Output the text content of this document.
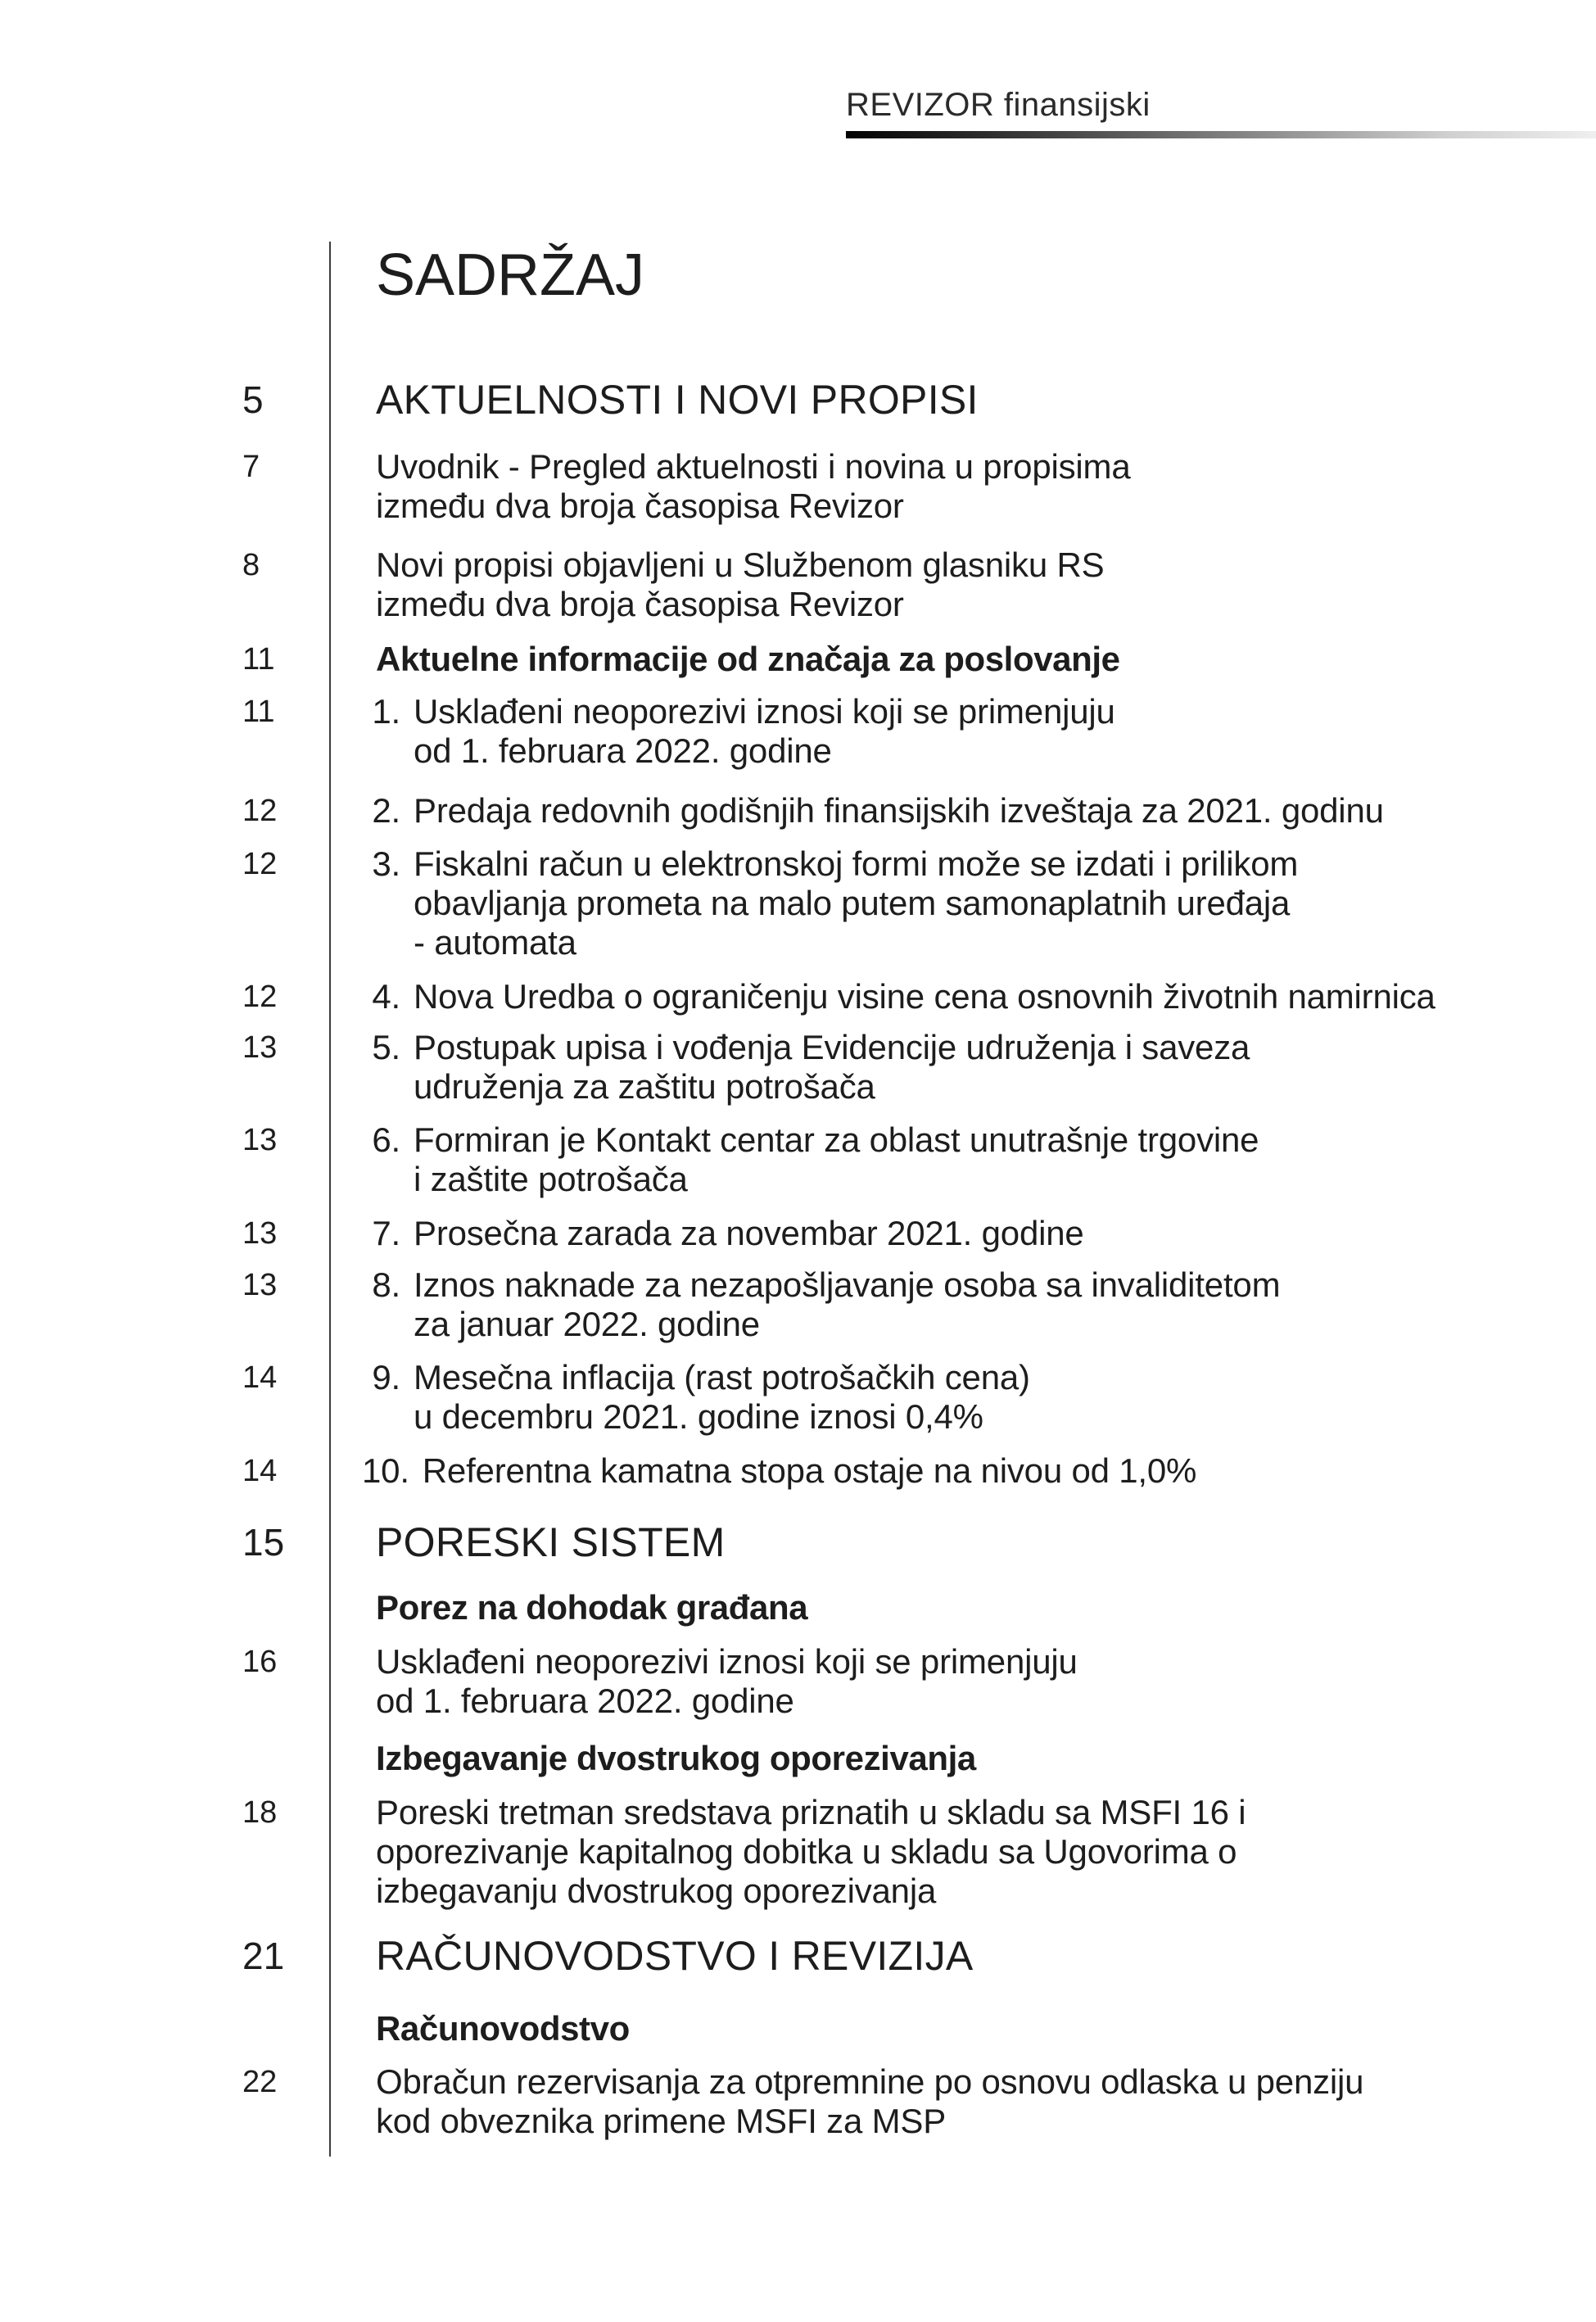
REVIZOR finansijski
SADRŽAJ
5	AKTUELNOSTI I NOVI PROPISI
7	Uvodnik - Pregled aktuelnosti i novina u propisima
između dva broja časopisa Revizor
8	Novi propisi objavljeni u Službenom glasniku RS
između dva broja časopisa Revizor
11	Aktuelne informacije od značaja za poslovanje
11	1. Usklađeni neoporezivi iznosi koji se primenjuju
od 1. februara 2022. godine
12	2. Predaja redovnih godišnjih finansijskih izveštaja za 2021. godinu
12	3. Fiskalni račun u elektronskoj formi može se izdati i prilikom
obavljanja prometa na malo putem samonaplatnih uređaja
- automata
12	4. Nova Uredba o ograničenju visine cena osnovnih životnih namirnica
13	5. Postupak upisa i vođenja Evidencije udruženja i saveza
udruženja za zaštitu potrošača
13	6. Formiran je Kontakt centar za oblast unutrašnje trgovine
i zaštite potrošača
13	7. Prosečna zarada za novembar 2021. godine
13	8. Iznos naknade za nezapošljavanje osoba sa invaliditetom
za januar 2022. godine
14	9. Mesečna inflacija (rast potrošačkih cena)
u decembru 2021. godine iznosi 0,4%
14	10. Referentna kamatna stopa ostaje na nivou od 1,0%
15	PORESKI SISTEM
Porez na dohodak građana
16	Usklađeni neoporezivi iznosi koji se primenjuju
od 1. februara 2022. godine
Izbegavanje dvostrukog oporezivanja
18	Poreski tretman sredstava priznatih u skladu sa MSFI 16 i
oporezivanje kapitalnog dobitka u skladu sa Ugovorima o
izbegavanju dvostrukog oporezivanja
21	RAČUNOVODSTVO I REVIZIJA
Računovodstvo
22	Obračun rezervisanja za otpremnine po osnovu odlaska u penziju
kod obveznika primene MSFI za MSP
